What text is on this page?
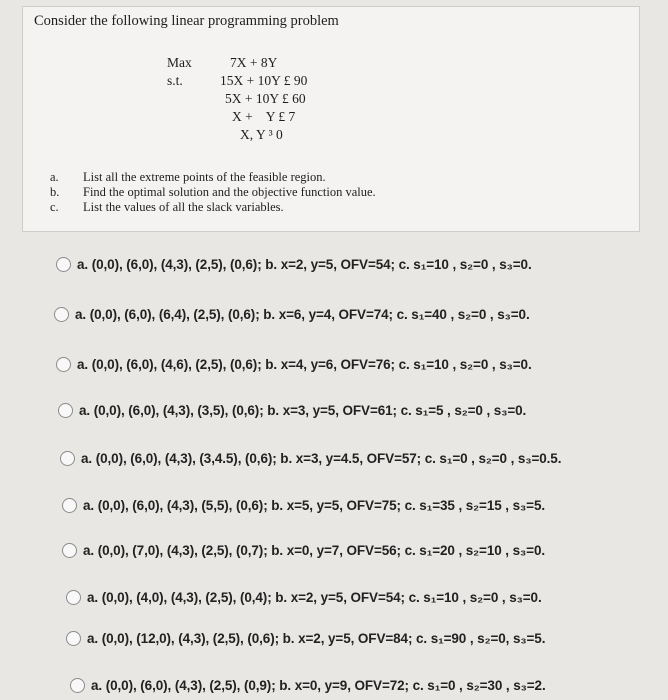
Consider the following linear programming problem
Max
s.t.
7X + 8Y
15X + 10Y £ 90
5X + 10Y £ 60
X +    Y £ 7
X, Y ³ 0
a.	List all the extreme points of the feasible region.
b.	Find the optimal solution and the objective function value.
c.	List the values of all the slack variables.
a. (0,0), (6,0), (4,3), (2,5), (0,6); b. x=2, y=5, OFV=54; c. s₁=10 , s₂=0 , s₃=0.
a. (0,0), (6,0), (6,4), (2,5), (0,6); b. x=6, y=4, OFV=74; c. s₁=40 , s₂=0 , s₃=0.
a. (0,0), (6,0), (4,6), (2,5), (0,6); b. x=4, y=6, OFV=76; c. s₁=10 , s₂=0 , s₃=0.
a. (0,0), (6,0), (4,3), (3,5), (0,6); b. x=3, y=5, OFV=61; c. s₁=5 , s₂=0 , s₃=0.
a. (0,0), (6,0), (4,3), (3,4.5), (0,6); b. x=3, y=4.5, OFV=57; c. s₁=0 , s₂=0 , s₃=0.5.
a. (0,0), (6,0), (4,3), (5,5), (0,6); b. x=5, y=5, OFV=75; c. s₁=35 , s₂=15 , s₃=5.
a. (0,0), (7,0), (4,3), (2,5), (0,7); b. x=0, y=7, OFV=56; c. s₁=20 , s₂=10 , s₃=0.
a. (0,0), (4,0), (4,3), (2,5), (0,4); b. x=2, y=5, OFV=54; c. s₁=10 , s₂=0 , s₃=0.
a. (0,0), (12,0), (4,3), (2,5), (0,6); b. x=2, y=5, OFV=84; c. s₁=90 , s₂=0, s₃=5.
a. (0,0), (6,0), (4,3), (2,5), (0,9); b. x=0, y=9, OFV=72; c. s₁=0 , s₂=30 , s₃=2.
